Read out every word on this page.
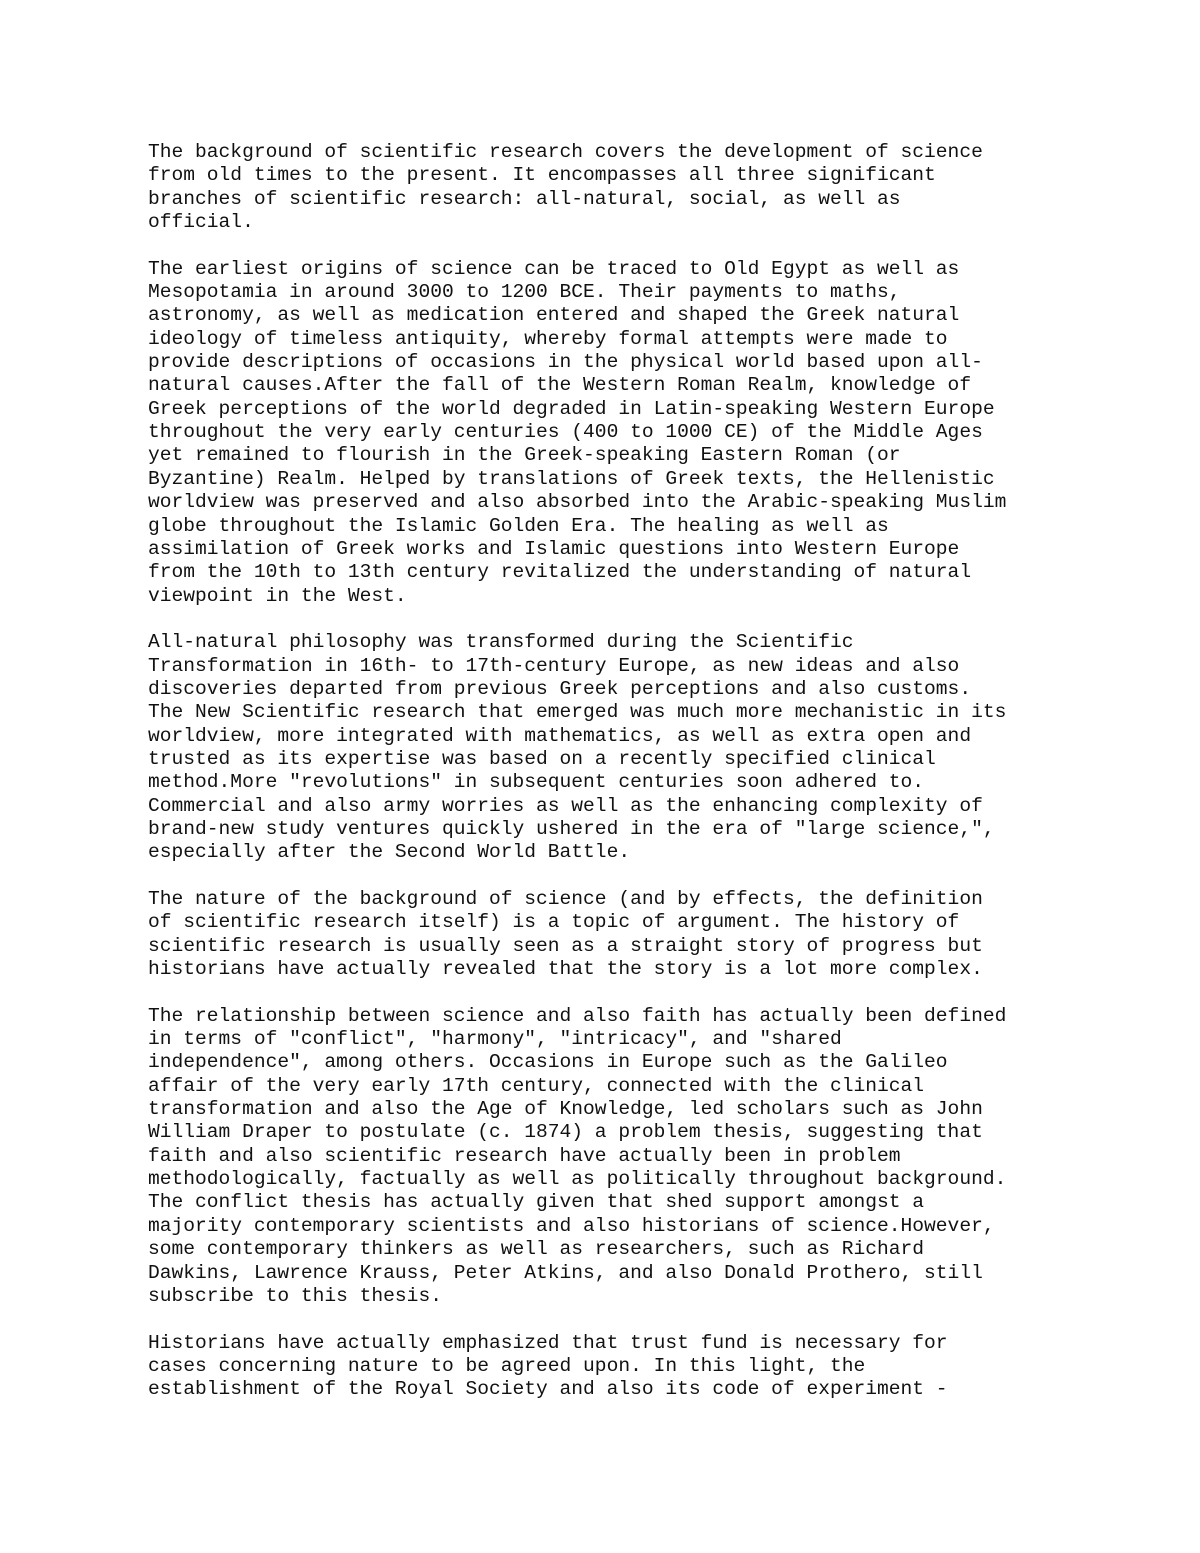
The background of scientific research covers the development of science
from old times to the present. It encompasses all three significant
branches of scientific research: all-natural, social, as well as
official.
The earliest origins of science can be traced to Old Egypt as well as
Mesopotamia in around 3000 to 1200 BCE. Their payments to maths,
astronomy, as well as medication entered and shaped the Greek natural
ideology of timeless antiquity, whereby formal attempts were made to
provide descriptions of occasions in the physical world based upon all-
natural causes.After the fall of the Western Roman Realm, knowledge of
Greek perceptions of the world degraded in Latin-speaking Western Europe
throughout the very early centuries (400 to 1000 CE) of the Middle Ages
yet remained to flourish in the Greek-speaking Eastern Roman (or
Byzantine) Realm. Helped by translations of Greek texts, the Hellenistic
worldview was preserved and also absorbed into the Arabic-speaking Muslim
globe throughout the Islamic Golden Era. The healing as well as
assimilation of Greek works and Islamic questions into Western Europe
from the 10th to 13th century revitalized the understanding of natural
viewpoint in the West.
All-natural philosophy was transformed during the Scientific
Transformation in 16th- to 17th-century Europe, as new ideas and also
discoveries departed from previous Greek perceptions and also customs.
The New Scientific research that emerged was much more mechanistic in its
worldview, more integrated with mathematics, as well as extra open and
trusted as its expertise was based on a recently specified clinical
method.More "revolutions" in subsequent centuries soon adhered to.
Commercial and also army worries as well as the enhancing complexity of
brand-new study ventures quickly ushered in the era of "large science,",
especially after the Second World Battle.
The nature of the background of science (and by effects, the definition
of scientific research itself) is a topic of argument. The history of
scientific research is usually seen as a straight story of progress but
historians have actually revealed that the story is a lot more complex.
The relationship between science and also faith has actually been defined
in terms of "conflict", "harmony", "intricacy", and "shared
independence", among others. Occasions in Europe such as the Galileo
affair of the very early 17th century, connected with the clinical
transformation and also the Age of Knowledge, led scholars such as John
William Draper to postulate (c. 1874) a problem thesis, suggesting that
faith and also scientific research have actually been in problem
methodologically, factually as well as politically throughout background.
The conflict thesis has actually given that shed support amongst a
majority contemporary scientists and also historians of science.However,
some contemporary thinkers as well as researchers, such as Richard
Dawkins, Lawrence Krauss, Peter Atkins, and also Donald Prothero, still
subscribe to this thesis.
Historians have actually emphasized that trust fund is necessary for
cases concerning nature to be agreed upon. In this light, the
establishment of the Royal Society and also its code of experiment -
